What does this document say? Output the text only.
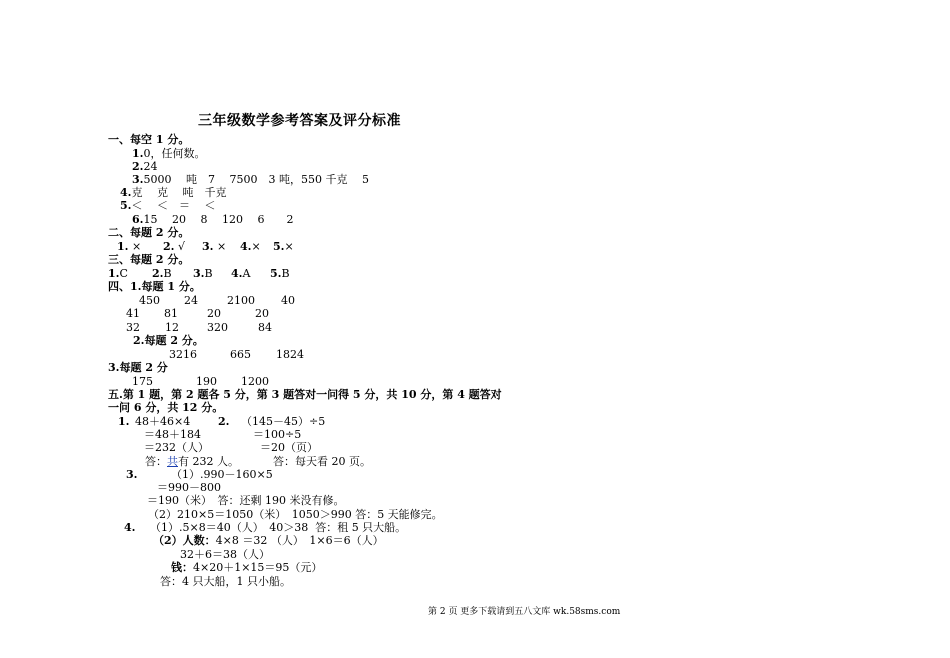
三年级数学参考答案及评分标准
一、每空 1 分。
1.0，任何数。
2.24
3.5000　 吨　7　 7500　3 吨，550 千克　 5
4.克　 克　 吨　千克
5.＜　 ＜　＝　 ＜
6.15　 20　 8　 120　 6　　2
二、每题 2 分。
1. × 2. √ 3. × 4.× 5.×
三、每题 2 分。
1.C 2.B 3.B 4.A 5.B
四、1.每题 1 分。
450 24	2100 40
41 81	20	20
32 12	320	84
2.每题 2 分。
3216	665 1824
3.每题 2 分
175	190 1200
五.第 1 题，第 2 题各 5 分，第 3 题答对一问得 5 分，共 10 分，第 4 题答对
一问 6 分，共 12 分。
1. 48＋46×4
＝48＋184
＝232（人）
答：共有 232 人。
2. （145－45）÷5
＝100÷5
＝20（页）
答：每天看 20 页。
3.	（1）.990－160×5
＝990－800
＝190（米）　答：还剩 190 米没有修。
（2）210×5＝1050（米）　1050＞990 答：5 天能修完。
4. （1）.5×8＝40（人）　40＞38  答：租 5 只大船。
（2）人数：4×8 ＝32 （人）　1×6＝6（人）
32＋6＝38（人）
钱：4×20＋1×15＝95（元）
答：4 只大船，1 只小船。
第 2 页 更多下载请到五八文库 wk.58sms.com
